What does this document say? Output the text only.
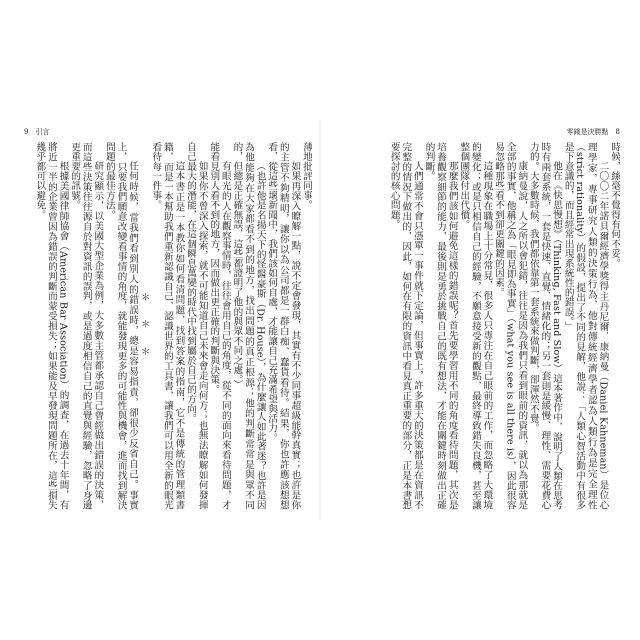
9　引言

薄地批評同事。

如果再深入瞭解一點，說不定會發現，其實有不少同事超級能幹真實；也許是你的主管不夠精明，讓你以為公司都是一群白痴、蠢貨看待。結果，你也許應該想想看，從這些壞新聞中，我們該如何自處，才能讓自己充滿希望與活力。

（也許他是名揚天下的怪醫豪斯（Dr. House），為什麼讓人如此著迷？也許是因為他能夠在大家都看不到的地方，找出問題的真正根源；他的判斷常常是與眾不同的，但總是正確無誤，這些都證明了他的與眾不同之處。）

有眼光的人在觀察事情時，往往會用自己的角度，從不同的面向來看待問題，才能看見別人看不到的地方，因而做出更正確的判斷與決策。

如果你不曾深入探索，就不可能知道自己未來會走向何方；也無法瞭解如何發揮自己最大的潛能，在這個瞬息萬變的時代中找到屬於自己的方向。

這本書正是一本教你如何看清問題、找到答案的指南，它不是傳統的管理類書籍，而是一本幫助我們重新認識自己、認識世界的工具書，讓我們可以用全新的眼光看待每一件事。

＊　＊　＊

任何時候，當我們看到別人的錯誤時，總是容易指責，卻很少反省自己。事實上，只要我們願意改變看事情的角度，就能發現更多的可能性與機會，進而找到解決問題的最佳方法。

研究顯示，以美國大型企業為例，大多數主管都承認自己曾經做出錯誤的決策，而這些決策往往源自於對資訊的誤判，或是過度相信自己的直覺與經驗，忽略了身邊更重要的訊號。

根據美國律師協會（American Bar Association）的調查，在過去十年間，有將近一半的企業曾因為錯誤的判斷而蒙受損失；如果能及早發現問題所在，這些損失幾乎都可以避免。

零錢是決勝點　8

時候，絲毫不覺得有何不妥。

二〇〇二年諾貝爾經濟學獎得主丹尼爾．康納曼（Daniel Kahneman）是位心理學家，專事研究人類的決策行為，他對傳統經濟學者認為人類行為是完全理性（strict rationality）的假設，提出了不同的見解，他說：「人類心智活動中有很多是下意識的，而且經常出現系統性的錯誤。」

他在《快思慢想》（Thinking, Fast and Slow）這本著作中，說明了人類在思考時有兩套系統，一套是快速、直覺、情緒化的；另一套則是緩慢、理性、需要花費心力的。大多數時候，我們都依靠第一套系統來做判斷，卻渾然不覺。

康納曼說，人之所以會犯錯，往往是因為我們只看到眼前的資訊，就以為那就是全部的事實，他稱之為「眼見即為事實」（what you see is all there is），因此很容易忽略那些看不到卻更關鍵的因素。

這種現象在職場上十分常見，很多人只專注在自己眼前的工作，而忽略了大環境的變化；或是只相信自己的經驗，不願意接受新的觀點，最終導致錯失良機，甚至讓整個團隊付出代價。

那麼我們該如何避免這樣的錯誤呢？首先要學習用不同的角度看待問題，其次是培養觀察細節的能力，最後則是勇於挑戰自己的既有想法，才能在關鍵時刻做出正確的判斷。

人們通常不會只憑單一事件就下定論，但事實上，許多重大的決策都是在資訊不完整的情況下做出的，因此，如何在有限的資訊中看見真正重要的部分，正是本書想要探討的核心問題。
